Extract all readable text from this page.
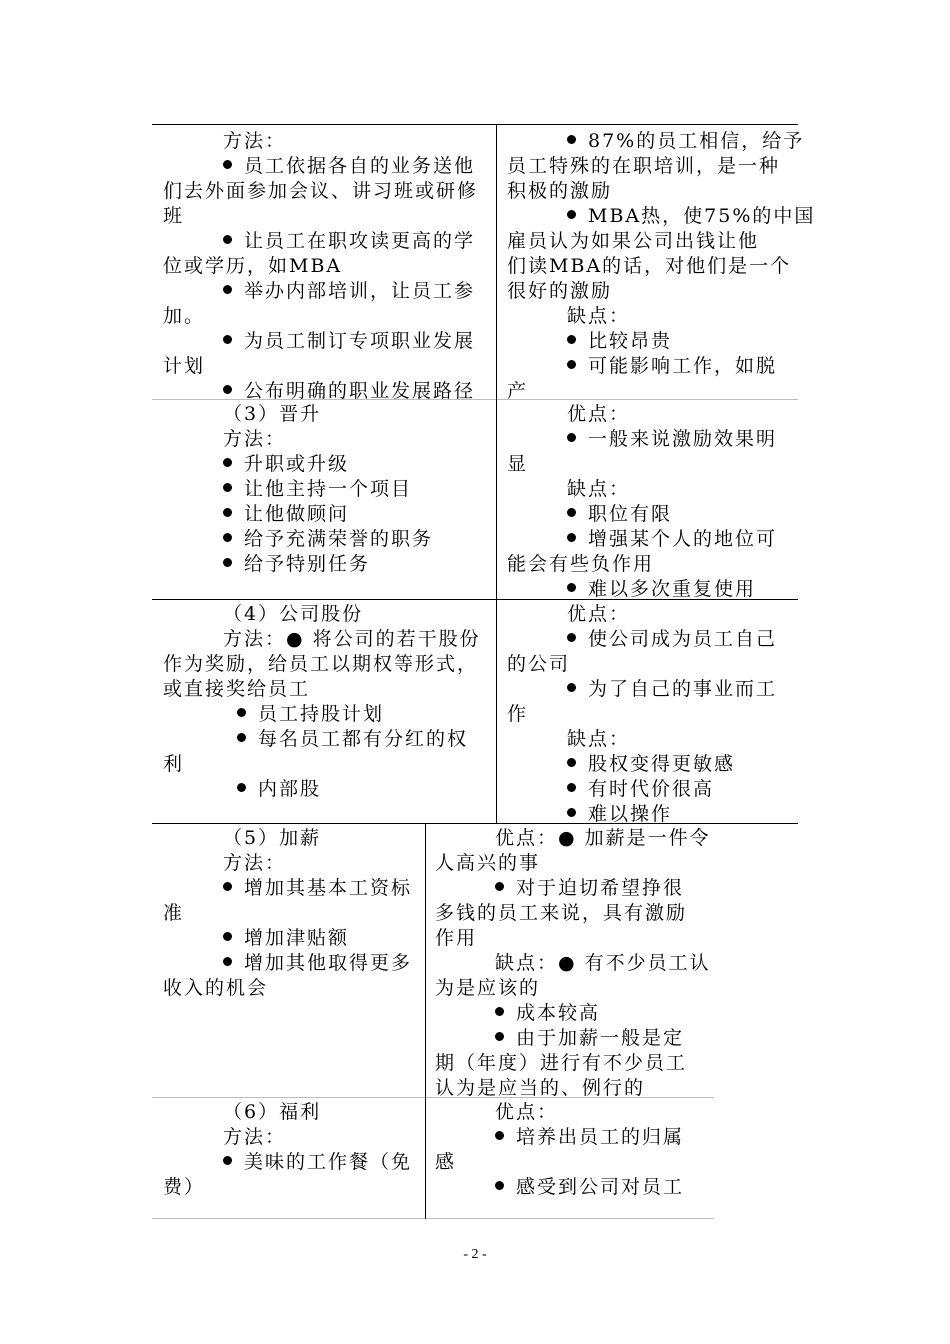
方法：
员工依据各自的业务送他
们去外面参加会议、讲习班或研修
班
让员工在职攻读更高的学
位或学历，如MBA
举办内部培训，让员工参
加。
为员工制订专项职业发展
计划
公布明确的职业发展路径
87%的员工相信，给予
员工特殊的在职培训，是一种
积极的激励
MBA热，使75%的中国
雇员认为如果公司出钱让他
们读MBA的话，对他们是一个
很好的激励
缺点：
比较昂贵
可能影响工作，如脱
产
（3）晋升
方法：
升职或升级
让他主持一个项目
让他做顾问
给予充满荣誉的职务
给予特别任务
优点：
一般来说激励效果明
显
缺点：
职位有限
增强某个人的地位可
能会有些负作用
难以多次重复使用
（4）公司股份
方法：● 将公司的若干股份
作为奖励，给员工以期权等形式，
或直接奖给员工
员工持股计划
每名员工都有分红的权
利
内部股
优点：
使公司成为员工自己
的公司
为了自己的事业而工
作
缺点：
股权变得更敏感
有时代价很高
难以操作
（5）加薪
方法：
增加其基本工资标
准
增加津贴额
增加其他取得更多
收入的机会
优点：● 加薪是一件令
人高兴的事
对于迫切希望挣很
多钱的员工来说，具有激励
作用
缺点：● 有不少员工认
为是应该的
成本较高
由于加薪一般是定
期（年度）进行有不少员工
认为是应当的、例行的
（6）福利
方法：
美味的工作餐（免
费）
优点：
培养出员工的归属
感
感受到公司对员工
- 2 -
